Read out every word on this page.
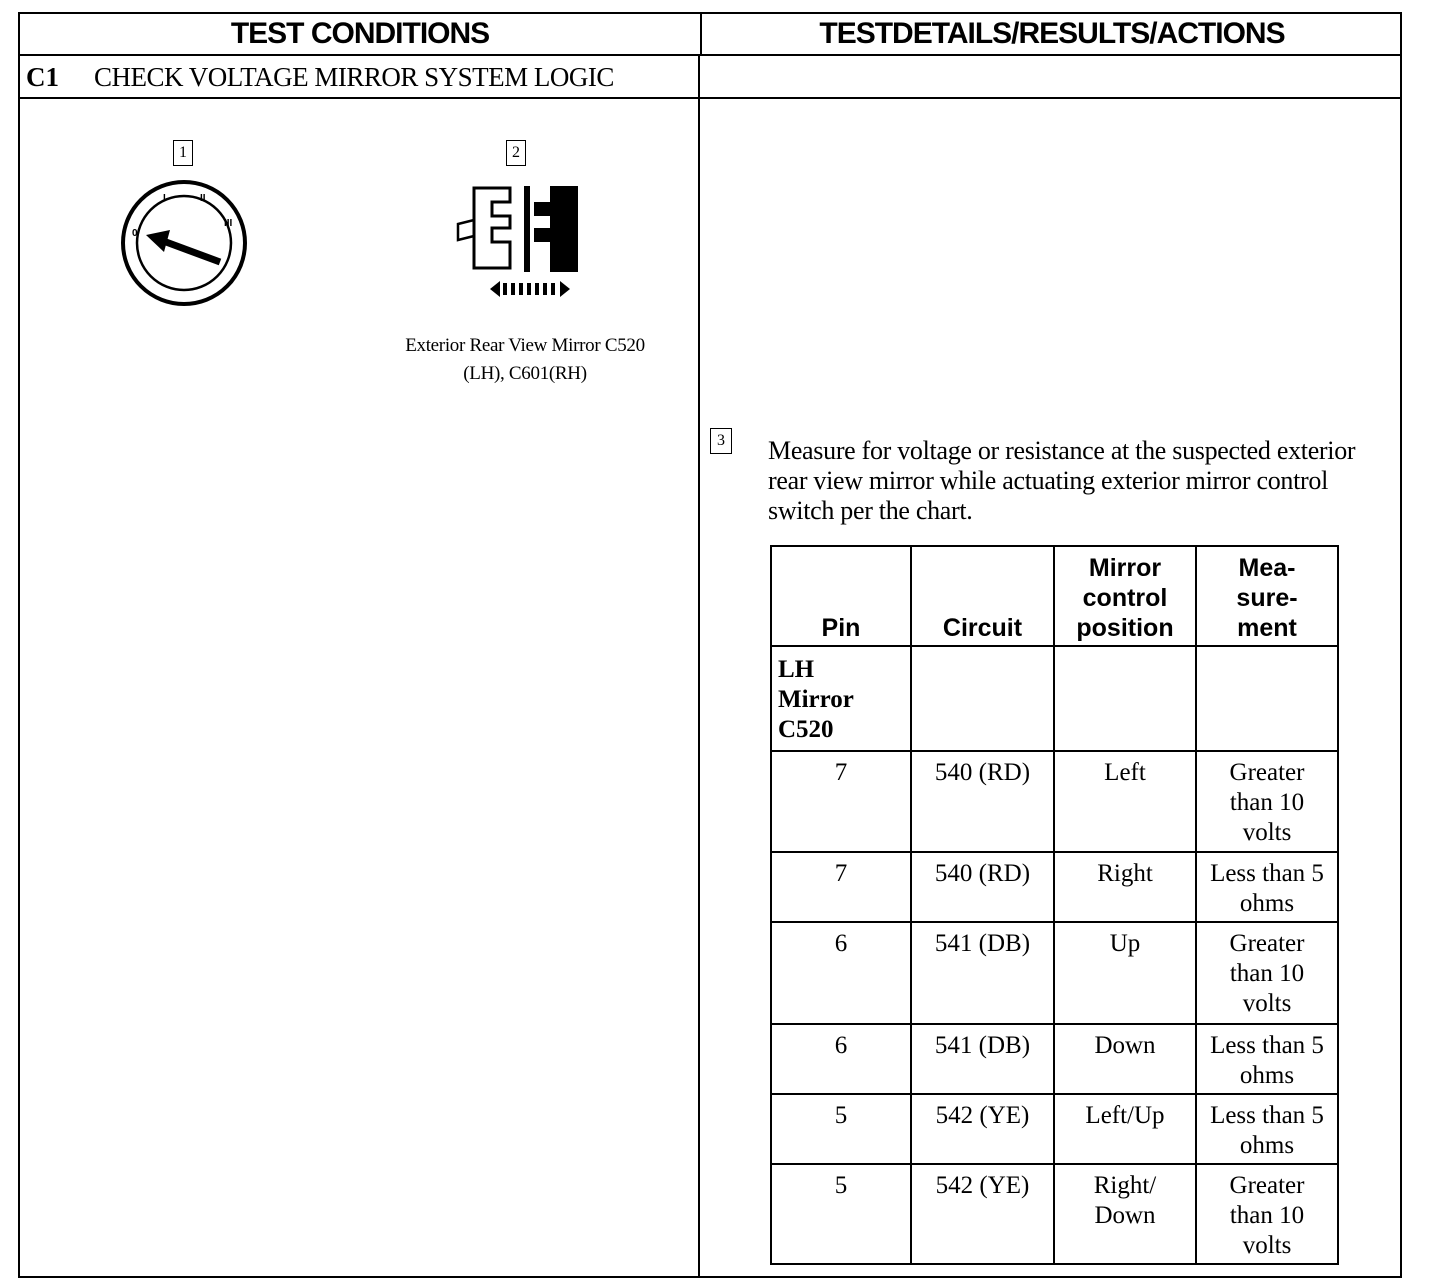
TEST CONDITIONS	TESTDETAILS/RESULTS/ACTIONS
C1 CHECK VOLTAGE MIRROR SYSTEM LOGIC
1
0
I	II
III
2
Exterior Rear View Mirror C520
(LH), C601(RH)
3 Measure for voltage or resistance at the suspected exterior rear view mirror while actuating exterior mirror control switch per the chart.
Pin	Circuit	Mirror control position	Mea-sure-ment
LH Mirror C520			
7	540 (RD)	Left	Greater than 10 volts
7	540 (RD)	Right	Less than 5 ohms
6	541 (DB)	Up	Greater than 10 volts
6	541 (DB)	Down	Less than 5 ohms
5	542 (YE)	Left/Up	Less than 5 ohms
5	542 (YE)	Right/ Down	Greater than 10 volts
